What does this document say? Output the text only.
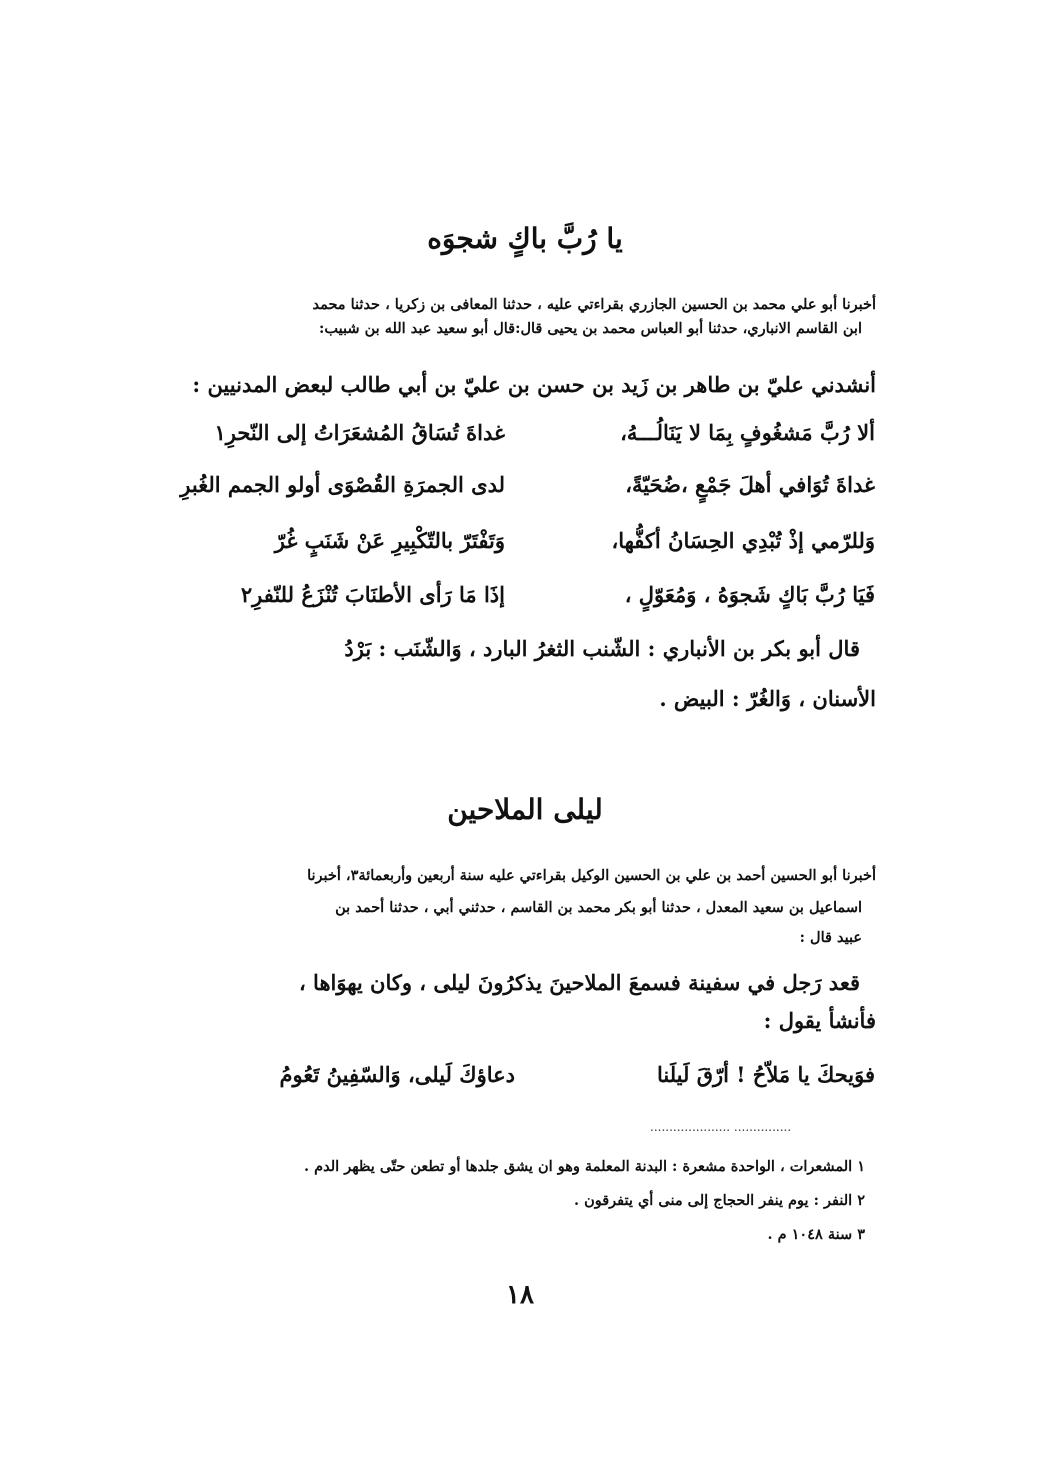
يا رُبَّ باكٍ شجوَه
أخبرنا أبو علي محمد بن الحسين الجازري بقراءتي عليه ، حدثنا المعافى بن زكريا ، حدثنا محمد
ابن القاسم الانباري، حدثنا أبو العباس محمد بن يحيى قال:قال أبو سعيد عبد الله بن شبيب:
أنشدني عليّ بن طاهر بن زَيد بن حسن بن عليّ بن أبي طالب لبعض المدنيين :
ألا رُبَّ مَشغُوفٍ بِمَا لا يَنَالُـــهُ،
غداةَ تُسَاقُ المُشعَرَاتُ إلى النّحرِ١
غداةَ تُوَافي أهلَ جَمْعٍ ،ضُحَيّةً،
لدى الجمرَةِ القُصْوَى أولو الجمم الغُبرِ
وَللرّمي إذْ تُبْدِي الحِسَانُ أكفُّها،
وَتَفْتَرّ بالتّكْبِيرِ عَنْ شَنَبٍ غُرّ
فَيَا رُبَّ بَاكٍ شَجوَهُ ، وَمُعَوّلٍ ،
إذَا مَا رَأى الأطنَابَ تُنْزَعُ للنّفرِ٢
قال أبو بكر بن الأنباري : الشّنب الثغرُ البارد ، وَالشّنَب : بَرْدُ
الأسنان ، وَالغُرّ : البيض .
ليلى الملاحين
أخبرنا أبو الحسين أحمد بن علي بن الحسين الوكيل بقراءتي عليه سنة أربعين وأربعمائة٣، أخبرنا
اسماعيل بن سعيد المعدل ، حدثنا أبو بكر محمد بن القاسم ، حدثني أبي ، حدثنا أحمد بن
عبيد قال :
قعد رَجل في سفينة فسمعَ الملاحينَ يذكرُونَ ليلى ، وكان يهوَاها ،
فأنشأ يقول :
فوَيحكَ يا مَلاّحُ ! أرّقَ لَيلَنا
دعاؤكَ لَيلى، وَالسّفِينُ تَعُومُ
..................... ...............
١ المشعرات ، الواحدة مشعرة : البدنة المعلمة وهو ان يشق جلدها أو تطعن حتّى يظهر الدم .
٢ النفر : يوم ينفر الحجاج إلى منى أي يتفرقون .
٣ سنة ١٠٤٨ م .
١٨
